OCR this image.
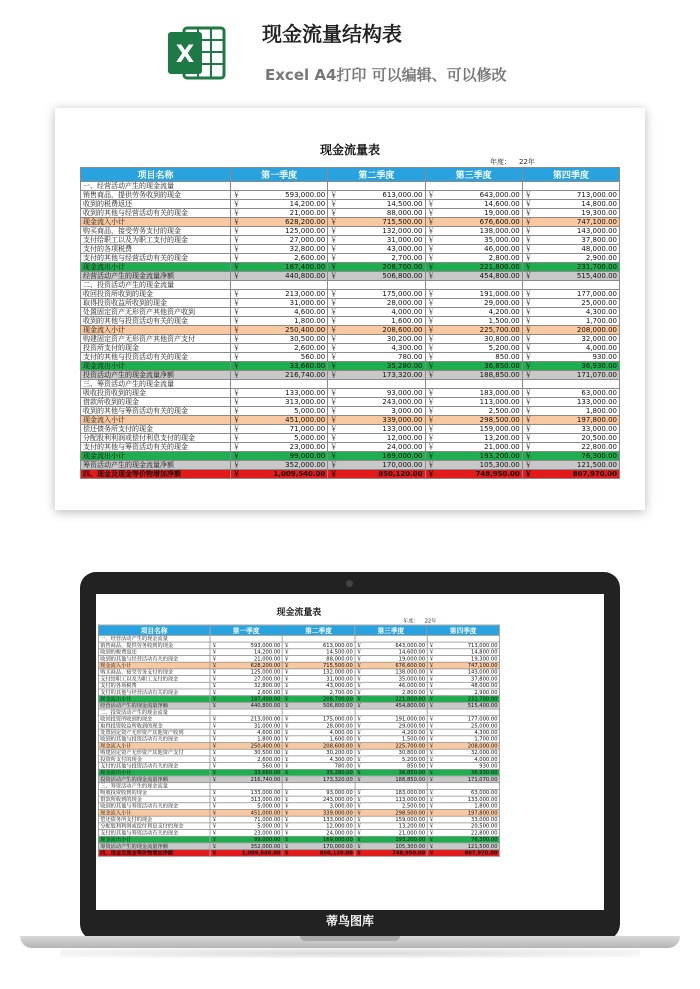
X
现金流量结构表
Excel A4打印 可以编辑、可以修改
现金流量表
年度： 22年
项目名称	第一季度	第二季度	第三季度	第四季度
一、经营活动产生的现金流量				
销售商品，提供劳务收到的现金	￥ 593,000.00	￥ 613,000.00	￥ 643,000.00	￥ 713,000.00
收到的税费返还	￥ 14,200.00	￥ 14,500.00	￥ 14,600.00	￥ 14,800.00
收到的其他与经营活动有关的现金	￥ 21,000.00	￥ 88,000.00	￥ 19,000.00	￥ 19,300.00
现金流入小计	￥ 628,200.00	￥ 715,500.00	￥ 676,600.00	￥ 747,100.00
购买商品，接受劳务支付的现金	￥ 125,000.00	￥ 132,000.00	￥ 138,000.00	￥ 143,000.00
支付给职工以及为职工支付的现金	￥ 27,000.00	￥ 31,000.00	￥ 35,000.00	￥ 37,800.00
支付的各项税费	￥ 32,800.00	￥ 43,000.00	￥ 46,000.00	￥ 48,000.00
支付的其他与经营活动有关的现金	￥ 2,600.00	￥ 2,700.00	￥ 2,800.00	￥ 2,900.00
现金流出小计	￥ 187,400.00	￥ 208,700.00	￥ 221,800.00	￥ 231,700.00
经营活动产生的现金流量净额	￥ 440,800.00	￥ 506,800.00	￥ 454,800.00	￥ 515,400.00
二、投资活动产生的现金流量				
收回投资所收到的现金	￥ 213,000.00	￥ 175,000.00	￥ 191,000.00	￥ 177,000.00
取得投资收益所收到的现金	￥ 31,000.00	￥ 28,000.00	￥ 29,000.00	￥ 25,000.00
处置固定资产无形资产其他资产收到	￥ 4,600.00	￥ 4,000.00	￥ 4,200.00	￥ 4,300.00
收到的其他与投资活动有关的现金	￥ 1,800.00	￥ 1,600.00	￥ 1,500.00	￥ 1,700.00
现金流入小计	￥ 250,400.00	￥ 208,600.00	￥ 225,700.00	￥ 208,000.00
购建固定资产无形资产其他资产支付	￥ 30,500.00	￥ 30,200.00	￥ 30,800.00	￥ 32,000.00
投资所支付的现金	￥ 2,600.00	￥ 4,300.00	￥ 5,200.00	￥ 4,000.00
支付的其他与投资活动有关的现金	￥ 560.00	￥ 780.00	￥ 850.00	￥ 930.00
现金流出小计	￥ 33,660.00	￥ 35,280.00	￥ 36,850.00	￥ 36,930.00
投资活动产生的现金流量净额	￥ 216,740.00	￥ 173,320.00	￥ 188,850.00	￥ 171,070.00
三、筹资活动产生的现金流量				
吸收投资收到的现金	￥ 133,000.00	￥ 93,000.00	￥ 183,000.00	￥ 63,000.00
借款所收到的现金	￥ 313,000.00	￥ 243,000.00	￥ 113,000.00	￥ 133,000.00
收到的其他与筹资活动有关的现金	￥ 5,000.00	￥ 3,000.00	￥ 2,500.00	￥ 1,800.00
现金流入小计	￥ 451,000.00	￥ 339,000.00	￥ 298,500.00	￥ 197,800.00
偿还债务所支付的现金	￥ 71,000.00	￥ 133,000.00	￥ 159,000.00	￥ 33,000.00
分配股利利润或偿付利息支付的现金	￥ 5,000.00	￥ 12,000.00	￥ 13,200.00	￥ 20,500.00
支付的其他与筹资活动有关的现金	￥ 23,000.00	￥ 24,000.00	￥ 21,000.00	￥ 22,800.00
现金流出小计	￥ 99,000.00	￥ 169,000.00	￥ 193,200.00	￥ 76,300.00
筹资活动产生的现金流量净额	￥ 352,000.00	￥ 170,000.00	￥ 105,300.00	￥ 121,500.00
四、现金及现金等价物增加净额	￥ 1,009,540.00	￥ 850,120.00	￥ 748,950.00	￥ 807,970.00
现金流量表
年度： 22年
项目名称	第一季度	第二季度	第三季度	第四季度
一、经营活动产生的现金流量				
销售商品，提供劳务收到的现金	￥ 593,000.00	￥ 613,000.00	￥ 643,000.00	￥ 713,000.00
收到的税费返还	￥ 14,200.00	￥ 14,500.00	￥ 14,600.00	￥ 14,800.00
收到的其他与经营活动有关的现金	￥ 21,000.00	￥ 88,000.00	￥ 19,000.00	￥ 19,300.00
现金流入小计	￥ 628,200.00	￥ 715,500.00	￥ 676,600.00	￥ 747,100.00
购买商品，接受劳务支付的现金	￥ 125,000.00	￥ 132,000.00	￥ 138,000.00	￥ 143,000.00
支付给职工以及为职工支付的现金	￥ 27,000.00	￥ 31,000.00	￥ 35,000.00	￥ 37,800.00
支付的各项税费	￥ 32,800.00	￥ 43,000.00	￥ 46,000.00	￥ 48,000.00
支付的其他与经营活动有关的现金	￥ 2,600.00	￥ 2,700.00	￥ 2,800.00	￥ 2,900.00
现金流出小计	￥ 187,400.00	￥ 208,700.00	￥ 221,800.00	￥ 231,700.00
经营活动产生的现金流量净额	￥ 440,800.00	￥ 506,800.00	￥ 454,800.00	￥ 515,400.00
二、投资活动产生的现金流量				
收回投资所收到的现金	￥ 213,000.00	￥ 175,000.00	￥ 191,000.00	￥ 177,000.00
取得投资收益所收到的现金	￥ 31,000.00	￥ 28,000.00	￥ 29,000.00	￥ 25,000.00
处置固定资产无形资产其他资产收到	￥ 4,600.00	￥ 4,000.00	￥ 4,200.00	￥ 4,300.00
收到的其他与投资活动有关的现金	￥ 1,800.00	￥ 1,600.00	￥ 1,500.00	￥ 1,700.00
现金流入小计	￥ 250,400.00	￥ 208,600.00	￥ 225,700.00	￥ 208,000.00
购建固定资产无形资产其他资产支付	￥ 30,500.00	￥ 30,200.00	￥ 30,800.00	￥ 32,000.00
投资所支付的现金	￥ 2,600.00	￥ 4,300.00	￥ 5,200.00	￥ 4,000.00
支付的其他与投资活动有关的现金	￥ 560.00	￥ 780.00	￥ 850.00	￥ 930.00
现金流出小计	￥ 33,660.00	￥ 35,280.00	￥ 36,850.00	￥ 36,930.00
投资活动产生的现金流量净额	￥ 216,740.00	￥ 173,320.00	￥ 188,850.00	￥ 171,070.00
三、筹资活动产生的现金流量				
吸收投资收到的现金	￥ 133,000.00	￥ 93,000.00	￥ 183,000.00	￥ 63,000.00
借款所收到的现金	￥ 313,000.00	￥ 243,000.00	￥ 113,000.00	￥ 133,000.00
收到的其他与筹资活动有关的现金	￥ 5,000.00	￥ 3,000.00	￥ 2,500.00	￥ 1,800.00
现金流入小计	￥ 451,000.00	￥ 339,000.00	￥ 298,500.00	￥ 197,800.00
偿还债务所支付的现金	￥ 71,000.00	￥ 133,000.00	￥ 159,000.00	￥ 33,000.00
分配股利利润或偿付利息支付的现金	￥ 5,000.00	￥ 12,000.00	￥ 13,200.00	￥ 20,500.00
支付的其他与筹资活动有关的现金	￥ 23,000.00	￥ 24,000.00	￥ 21,000.00	￥ 22,800.00
现金流出小计	￥ 99,000.00	￥ 169,000.00	￥ 193,200.00	￥ 76,300.00
筹资活动产生的现金流量净额	￥ 352,000.00	￥ 170,000.00	￥ 105,300.00	￥ 121,500.00
四、现金及现金等价物增加净额	￥ 1,009,540.00	￥ 850,120.00	￥ 748,950.00	￥ 807,970.00
蒂鸟图库
